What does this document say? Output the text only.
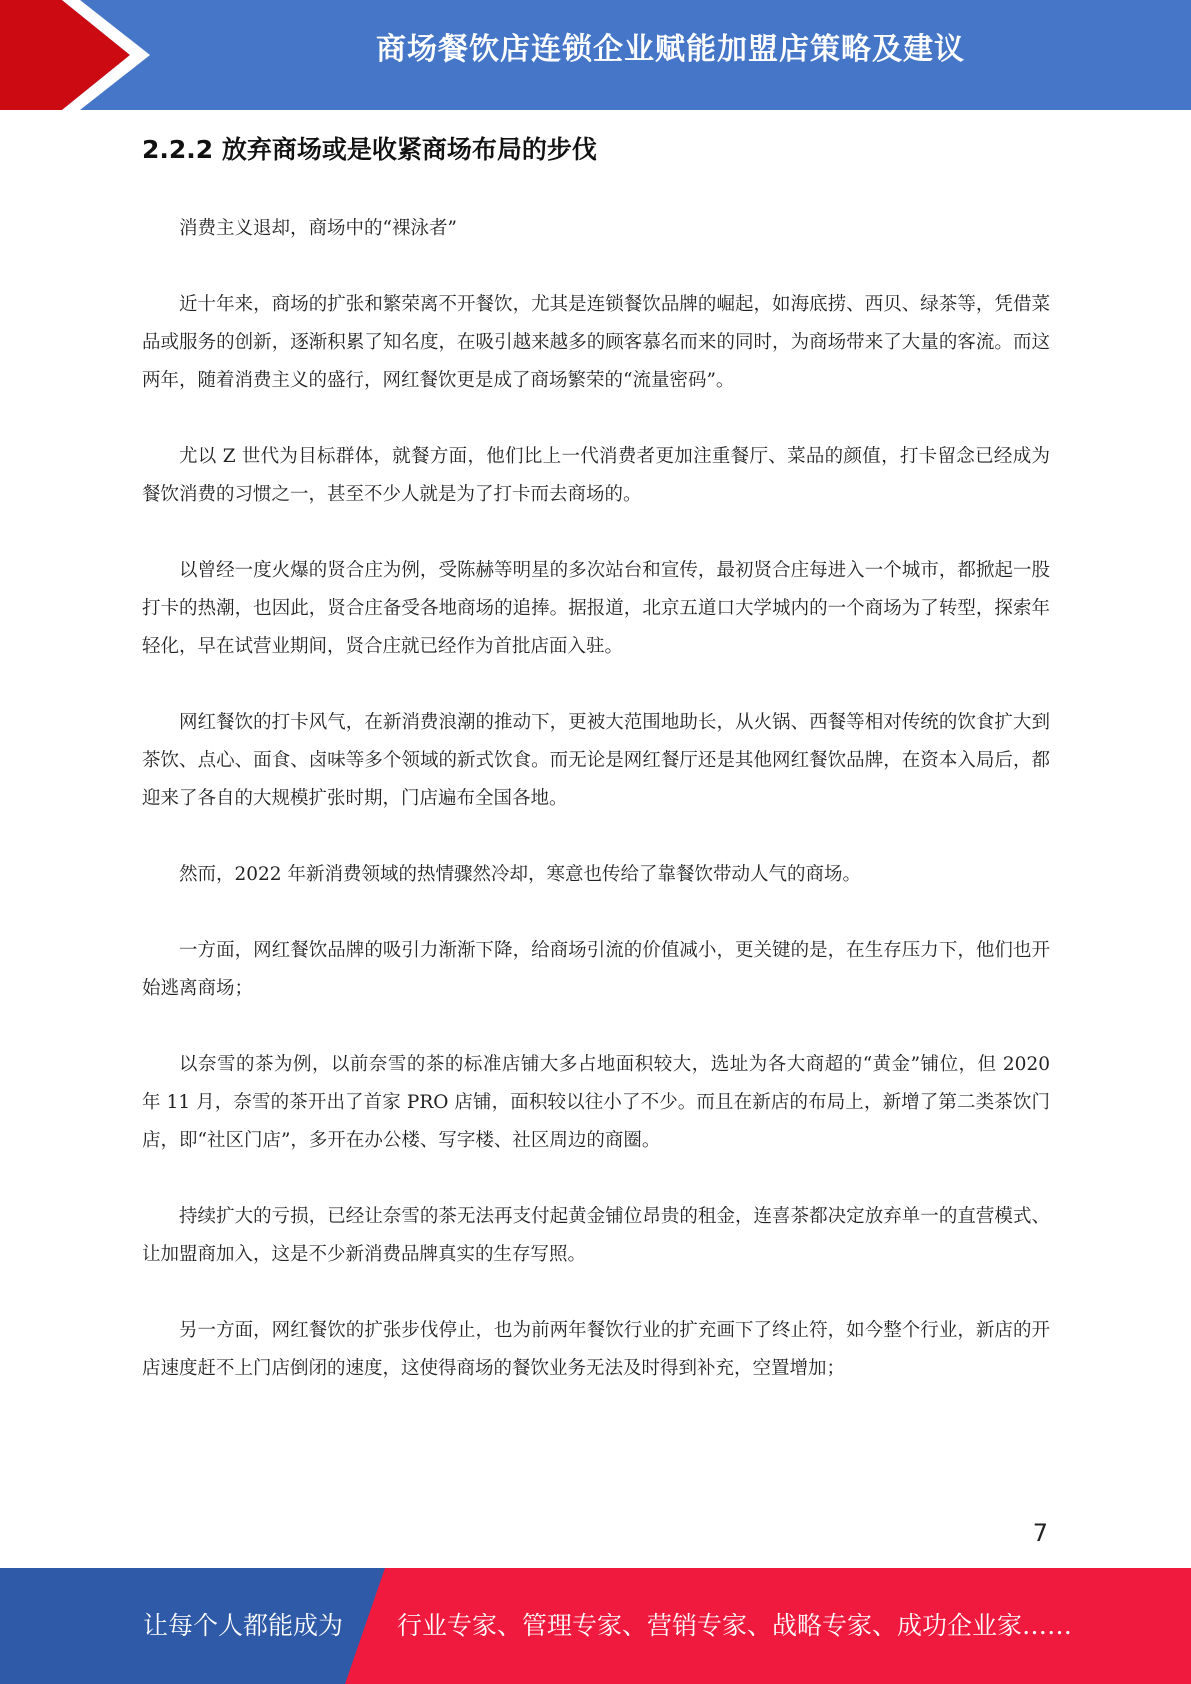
商场餐饮店连锁企业赋能加盟店策略及建议
2.2.2 放弃商场或是收紧商场布局的步伐

消费主义退却，商场中的“裸泳者”

近十年来，商场的扩张和繁荣离不开餐饮，尤其是连锁餐饮品牌的崛起，如海底捞、西贝、绿茶等，凭借菜品或服务的创新，逐渐积累了知名度，在吸引越来越多的顾客慕名而来的同时，为商场带来了大量的客流。而这两年，随着消费主义的盛行，网红餐饮更是成了商场繁荣的“流量密码”。

尤以 Z 世代为目标群体，就餐方面，他们比上一代消费者更加注重餐厅、菜品的颜值，打卡留念已经成为餐饮消费的习惯之一，甚至不少人就是为了打卡而去商场的。

以曾经一度火爆的贤合庄为例，受陈赫等明星的多次站台和宣传，最初贤合庄每进入一个城市，都掀起一股打卡的热潮，也因此，贤合庄备受各地商场的追捧。据报道，北京五道口大学城内的一个商场为了转型，探索年轻化，早在试营业期间，贤合庄就已经作为首批店面入驻。

网红餐饮的打卡风气，在新消费浪潮的推动下，更被大范围地助长，从火锅、西餐等相对传统的饮食扩大到茶饮、点心、面食、卤味等多个领域的新式饮食。而无论是网红餐厅还是其他网红餐饮品牌，在资本入局后，都迎来了各自的大规模扩张时期，门店遍布全国各地。

然而，2022 年新消费领域的热情骤然冷却，寒意也传给了靠餐饮带动人气的商场。

一方面，网红餐饮品牌的吸引力渐渐下降，给商场引流的价值减小，更关键的是，在生存压力下，他们也开始逃离商场；

以奈雪的茶为例，以前奈雪的茶的标准店铺大多占地面积较大，选址为各大商超的“黄金”铺位，但 2020 年 11 月，奈雪的茶开出了首家 PRO 店铺，面积较以往小了不少。而且在新店的布局上，新增了第二类茶饮门店，即“社区门店”，多开在办公楼、写字楼、社区周边的商圈。

持续扩大的亏损，已经让奈雪的茶无法再支付起黄金铺位昂贵的租金，连喜茶都决定放弃单一的直营模式、让加盟商加入，这是不少新消费品牌真实的生存写照。

另一方面，网红餐饮的扩张步伐停止，也为前两年餐饮行业的扩充画下了终止符，如今整个行业，新店的开店速度赶不上门店倒闭的速度，这使得商场的餐饮业务无法及时得到补充，空置增加；

7
让每个人都能成为 行业专家、管理专家、营销专家、战略专家、成功企业家……
